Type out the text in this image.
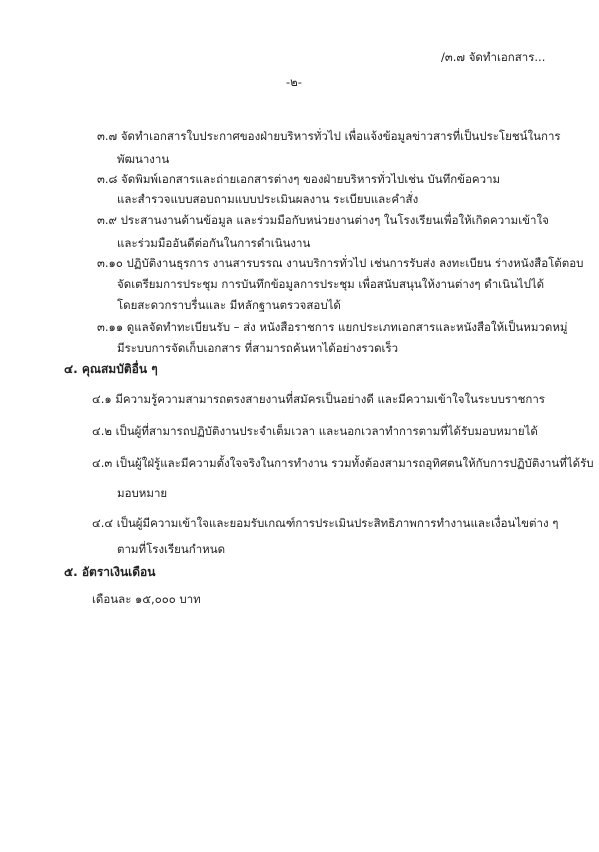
/๓.๗ จัดทำเอกสาร...
-๒-
๓.๗ จัดทำเอกสารใบประกาศของฝ่ายบริหารทั่วไป เพื่อแจ้งข้อมูลข่าวสารที่เป็นประโยชน์ในการ
พัฒนางาน
๓.๘ จัดพิมพ์เอกสารและถ่ายเอกสารต่างๆ ของฝ่ายบริหารทั่วไปเช่น บันทึกข้อความ
และสำรวจแบบสอบถามแบบประเมินผลงาน ระเบียบและคำสั่ง
๓.๙ ประสานงานด้านข้อมูล และร่วมมือกับหน่วยงานต่างๆ ในโรงเรียนเพื่อให้เกิดความเข้าใจ
และร่วมมืออันดีต่อกันในการดำเนินงาน
๓.๑๐ ปฏิบัติงานธุรการ งานสารบรรณ งานบริการทั่วไป เช่นการรับส่ง ลงทะเบียน ร่างหนังสือโต้ตอบ
จัดเตรียมการประชุม การบันทึกข้อมูลการประชุม เพื่อสนับสนุนให้งานต่างๆ ดำเนินไปได้
โดยสะดวกราบรื่นและ มีหลักฐานตรวจสอบได้
๓.๑๑ ดูแลจัดทำทะเบียนรับ – ส่ง หนังสือราชการ แยกประเภทเอกสารและหนังสือให้เป็นหมวดหมู่
มีระบบการจัดเก็บเอกสาร ที่สามารถค้นหาได้อย่างรวดเร็ว
๔. คุณสมบัติอื่น ๆ
๔.๑ มีความรู้ความสามารถตรงสายงานที่สมัครเป็นอย่างดี และมีความเข้าใจในระบบราชการ
๔.๒ เป็นผู้ที่สามารถปฏิบัติงานประจำเต็มเวลา และนอกเวลาทำการตามที่ได้รับมอบหมายได้
๔.๓ เป็นผู้ใฝ่รู้และมีความตั้งใจจริงในการทำงาน รวมทั้งต้องสามารถอุทิศตนให้กับการปฏิบัติงานที่ได้รับ
มอบหมาย
๔.๔ เป็นผู้มีความเข้าใจและยอมรับเกณฑ์การประเมินประสิทธิภาพการทำงานและเงื่อนไขต่าง ๆ
ตามที่โรงเรียนกำหนด
๕. อัตราเงินเดือน
เดือนละ ๑๕,๐๐๐ บาท
